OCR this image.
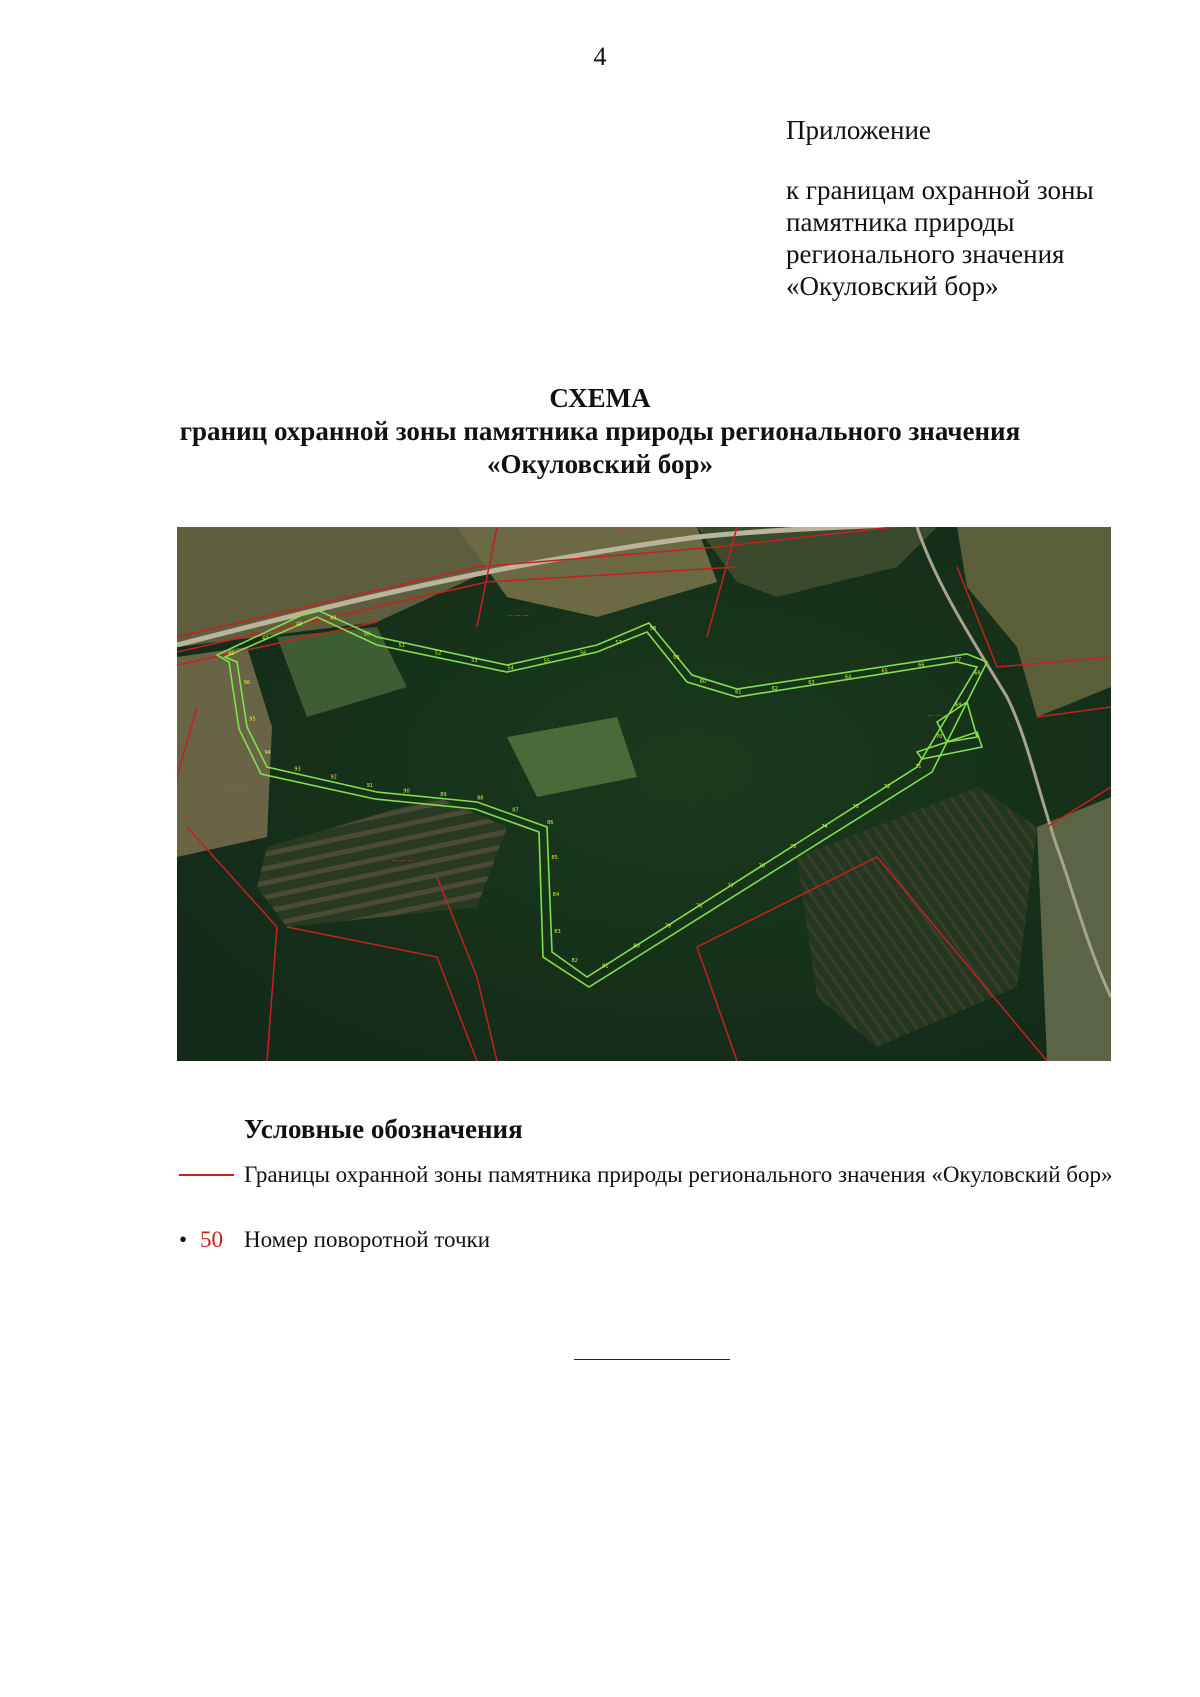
4
Приложение
к границам охранной зоны
памятника природы
регионального значения
«Окуловский бор»
СХЕМА
границ охранной зоны памятника природы регионального значения
«Окуловский бор»
— — —
— — —
— — —
— — —
— —
46
47
48
49
50
51
52
53
54
55
56
57
58
59
60
61
62
63
64
65
66
67
68
69
70
71
72
73
74
75
76
77
78
79
80
81
82
83
84
85
86
87
88
89
90
91
92
93
94
95
96
Условные обозначения
Границы охранной зоны памятника природы регионального значения «Окуловский бор»
• 50 Номер поворотной точки
